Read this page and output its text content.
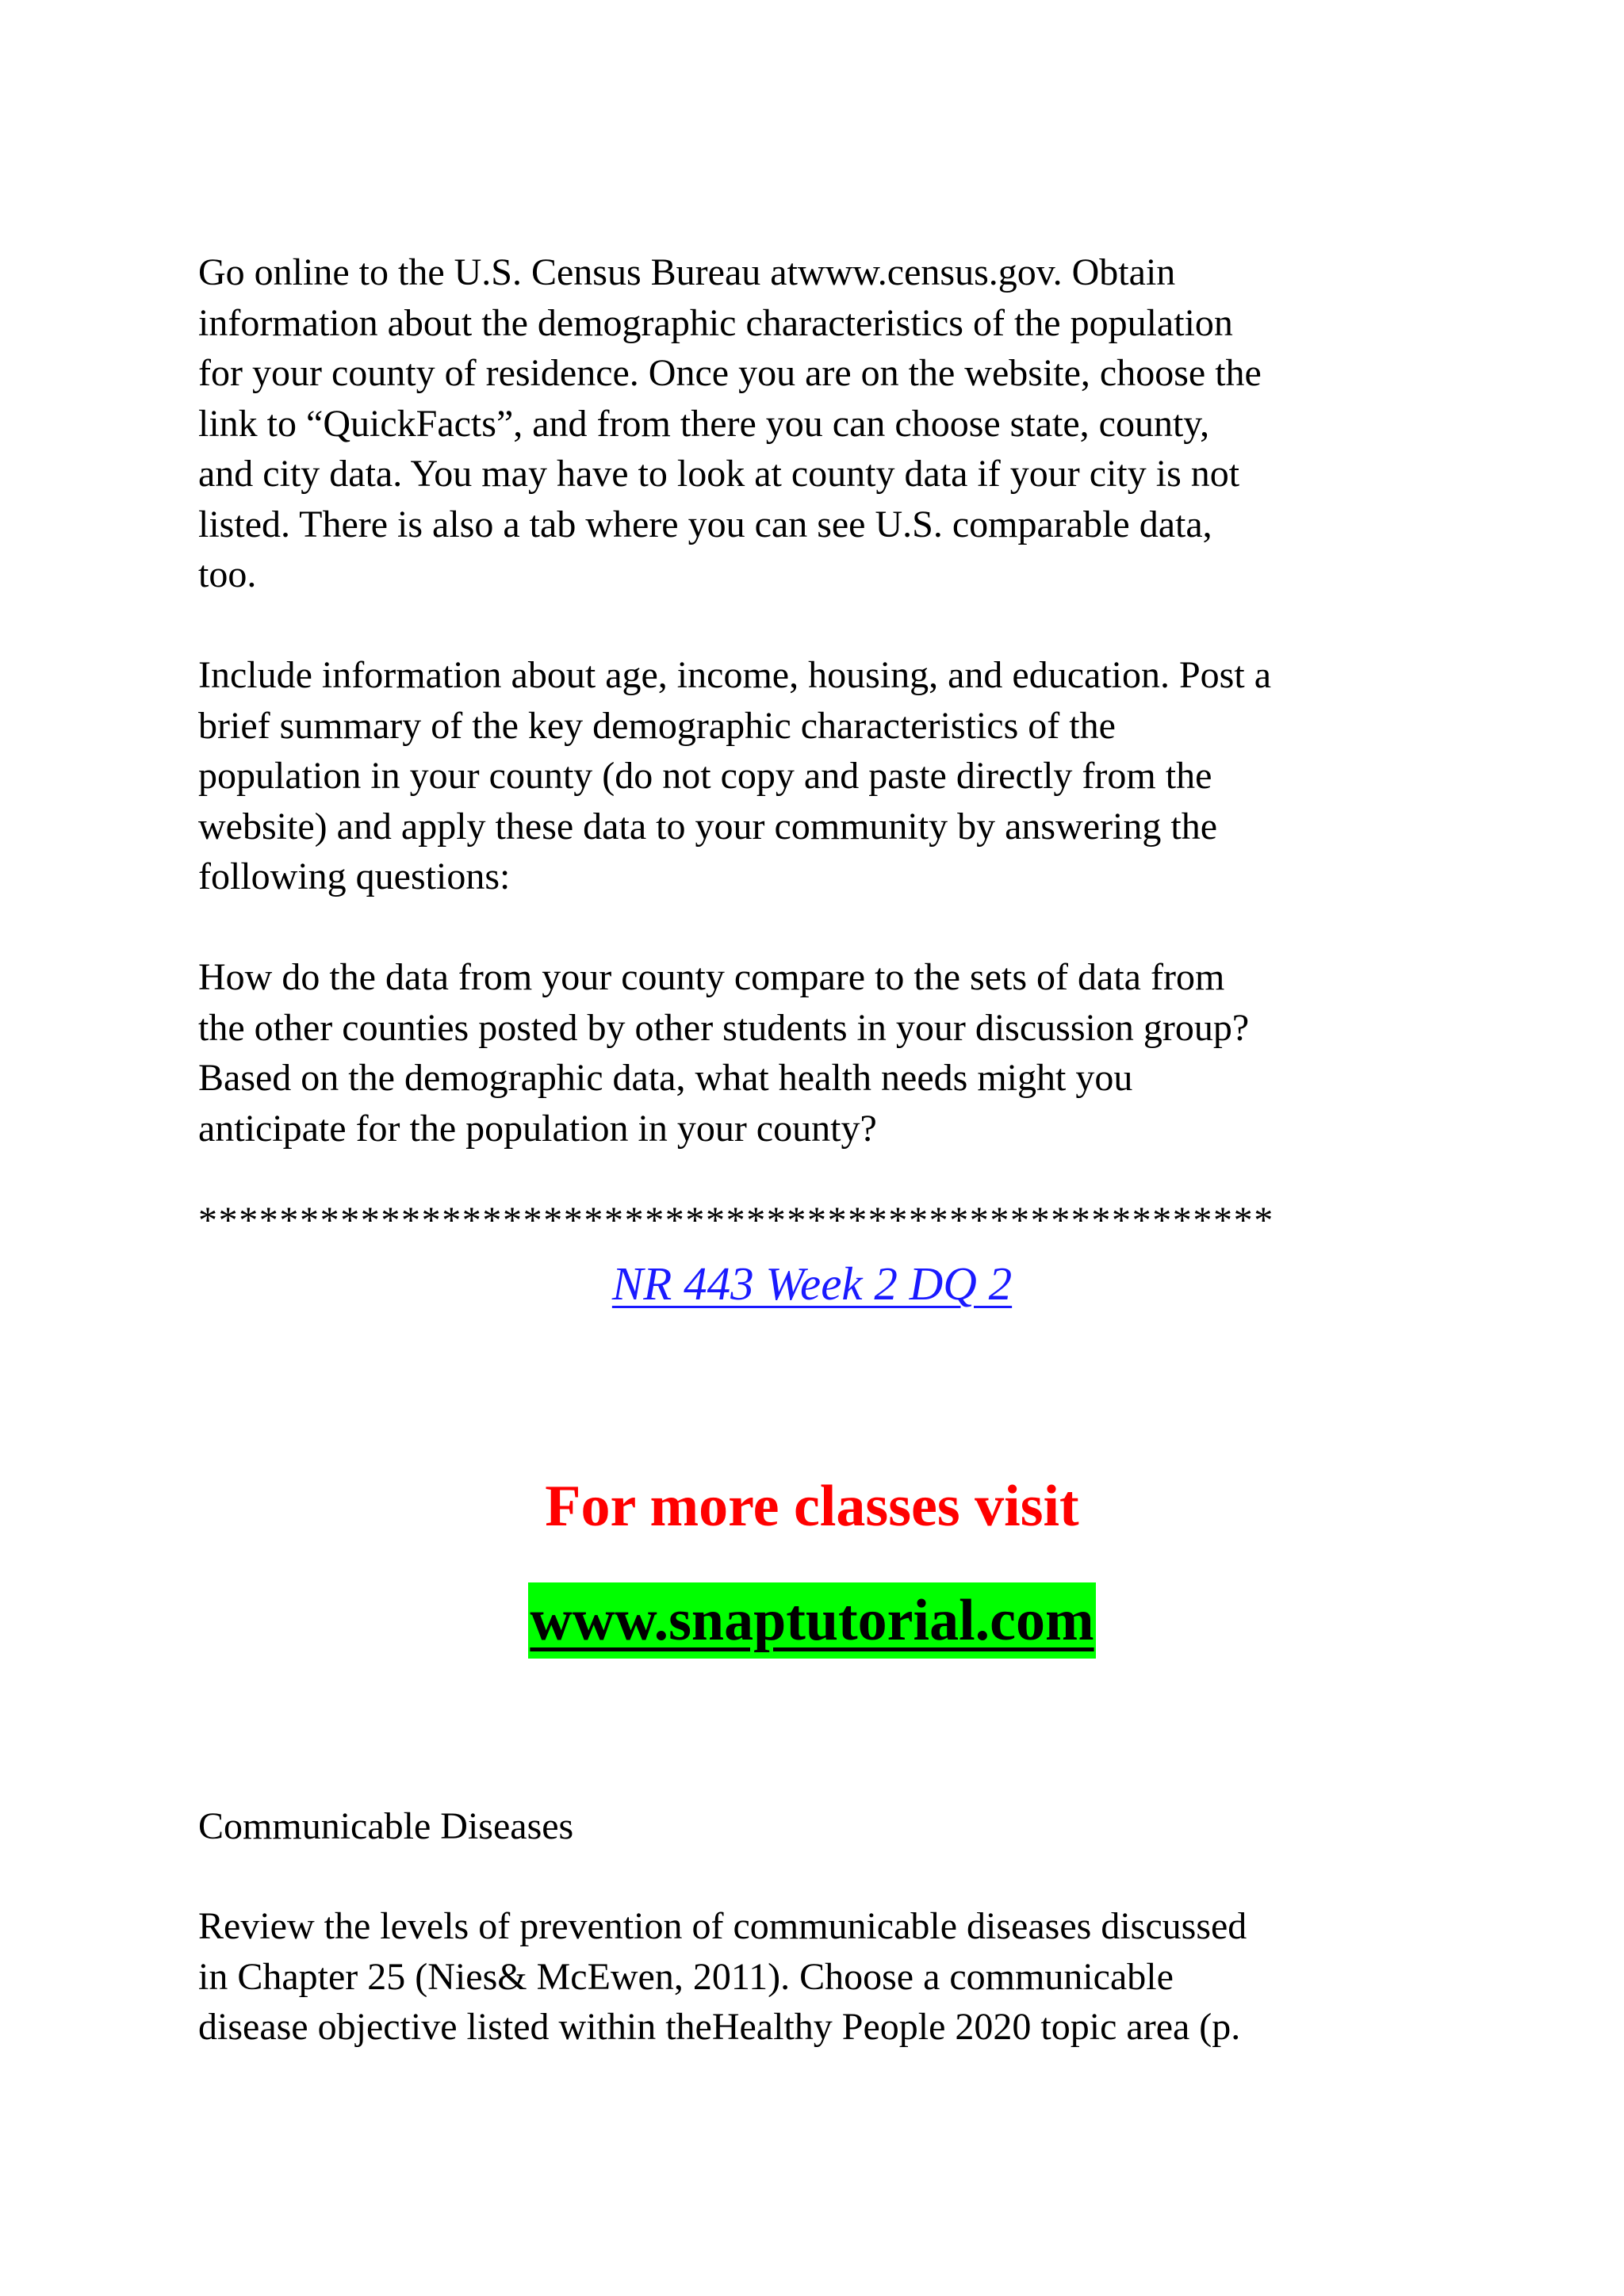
Go online to the U.S. Census Bureau atwww.census.gov. Obtain
information about the demographic characteristics of the population
for your county of residence. Once you are on the website, choose the
link to “QuickFacts”, and from there you can choose state, county,
and city data. You may have to look at county data if your city is not
listed. There is also a tab where you can see U.S. comparable data,
too.

Include information about age, income, housing, and education. Post a
brief summary of the key demographic characteristics of the
population in your county (do not copy and paste directly from the
website) and apply these data to your community by answering the
following questions:

How do the data from your county compare to the sets of data from
the other counties posted by other students in your discussion group?
Based on the demographic data, what health needs might you
anticipate for the population in your county?

*****************************************************
NR 443 Week 2 DQ 2
For more classes visit
www.snaptutorial.com
Communicable Diseases

Review the levels of prevention of communicable diseases discussed
in Chapter 25 (Nies& McEwen, 2011). Choose a communicable
disease objective listed within theHealthy People 2020 topic area (p.
